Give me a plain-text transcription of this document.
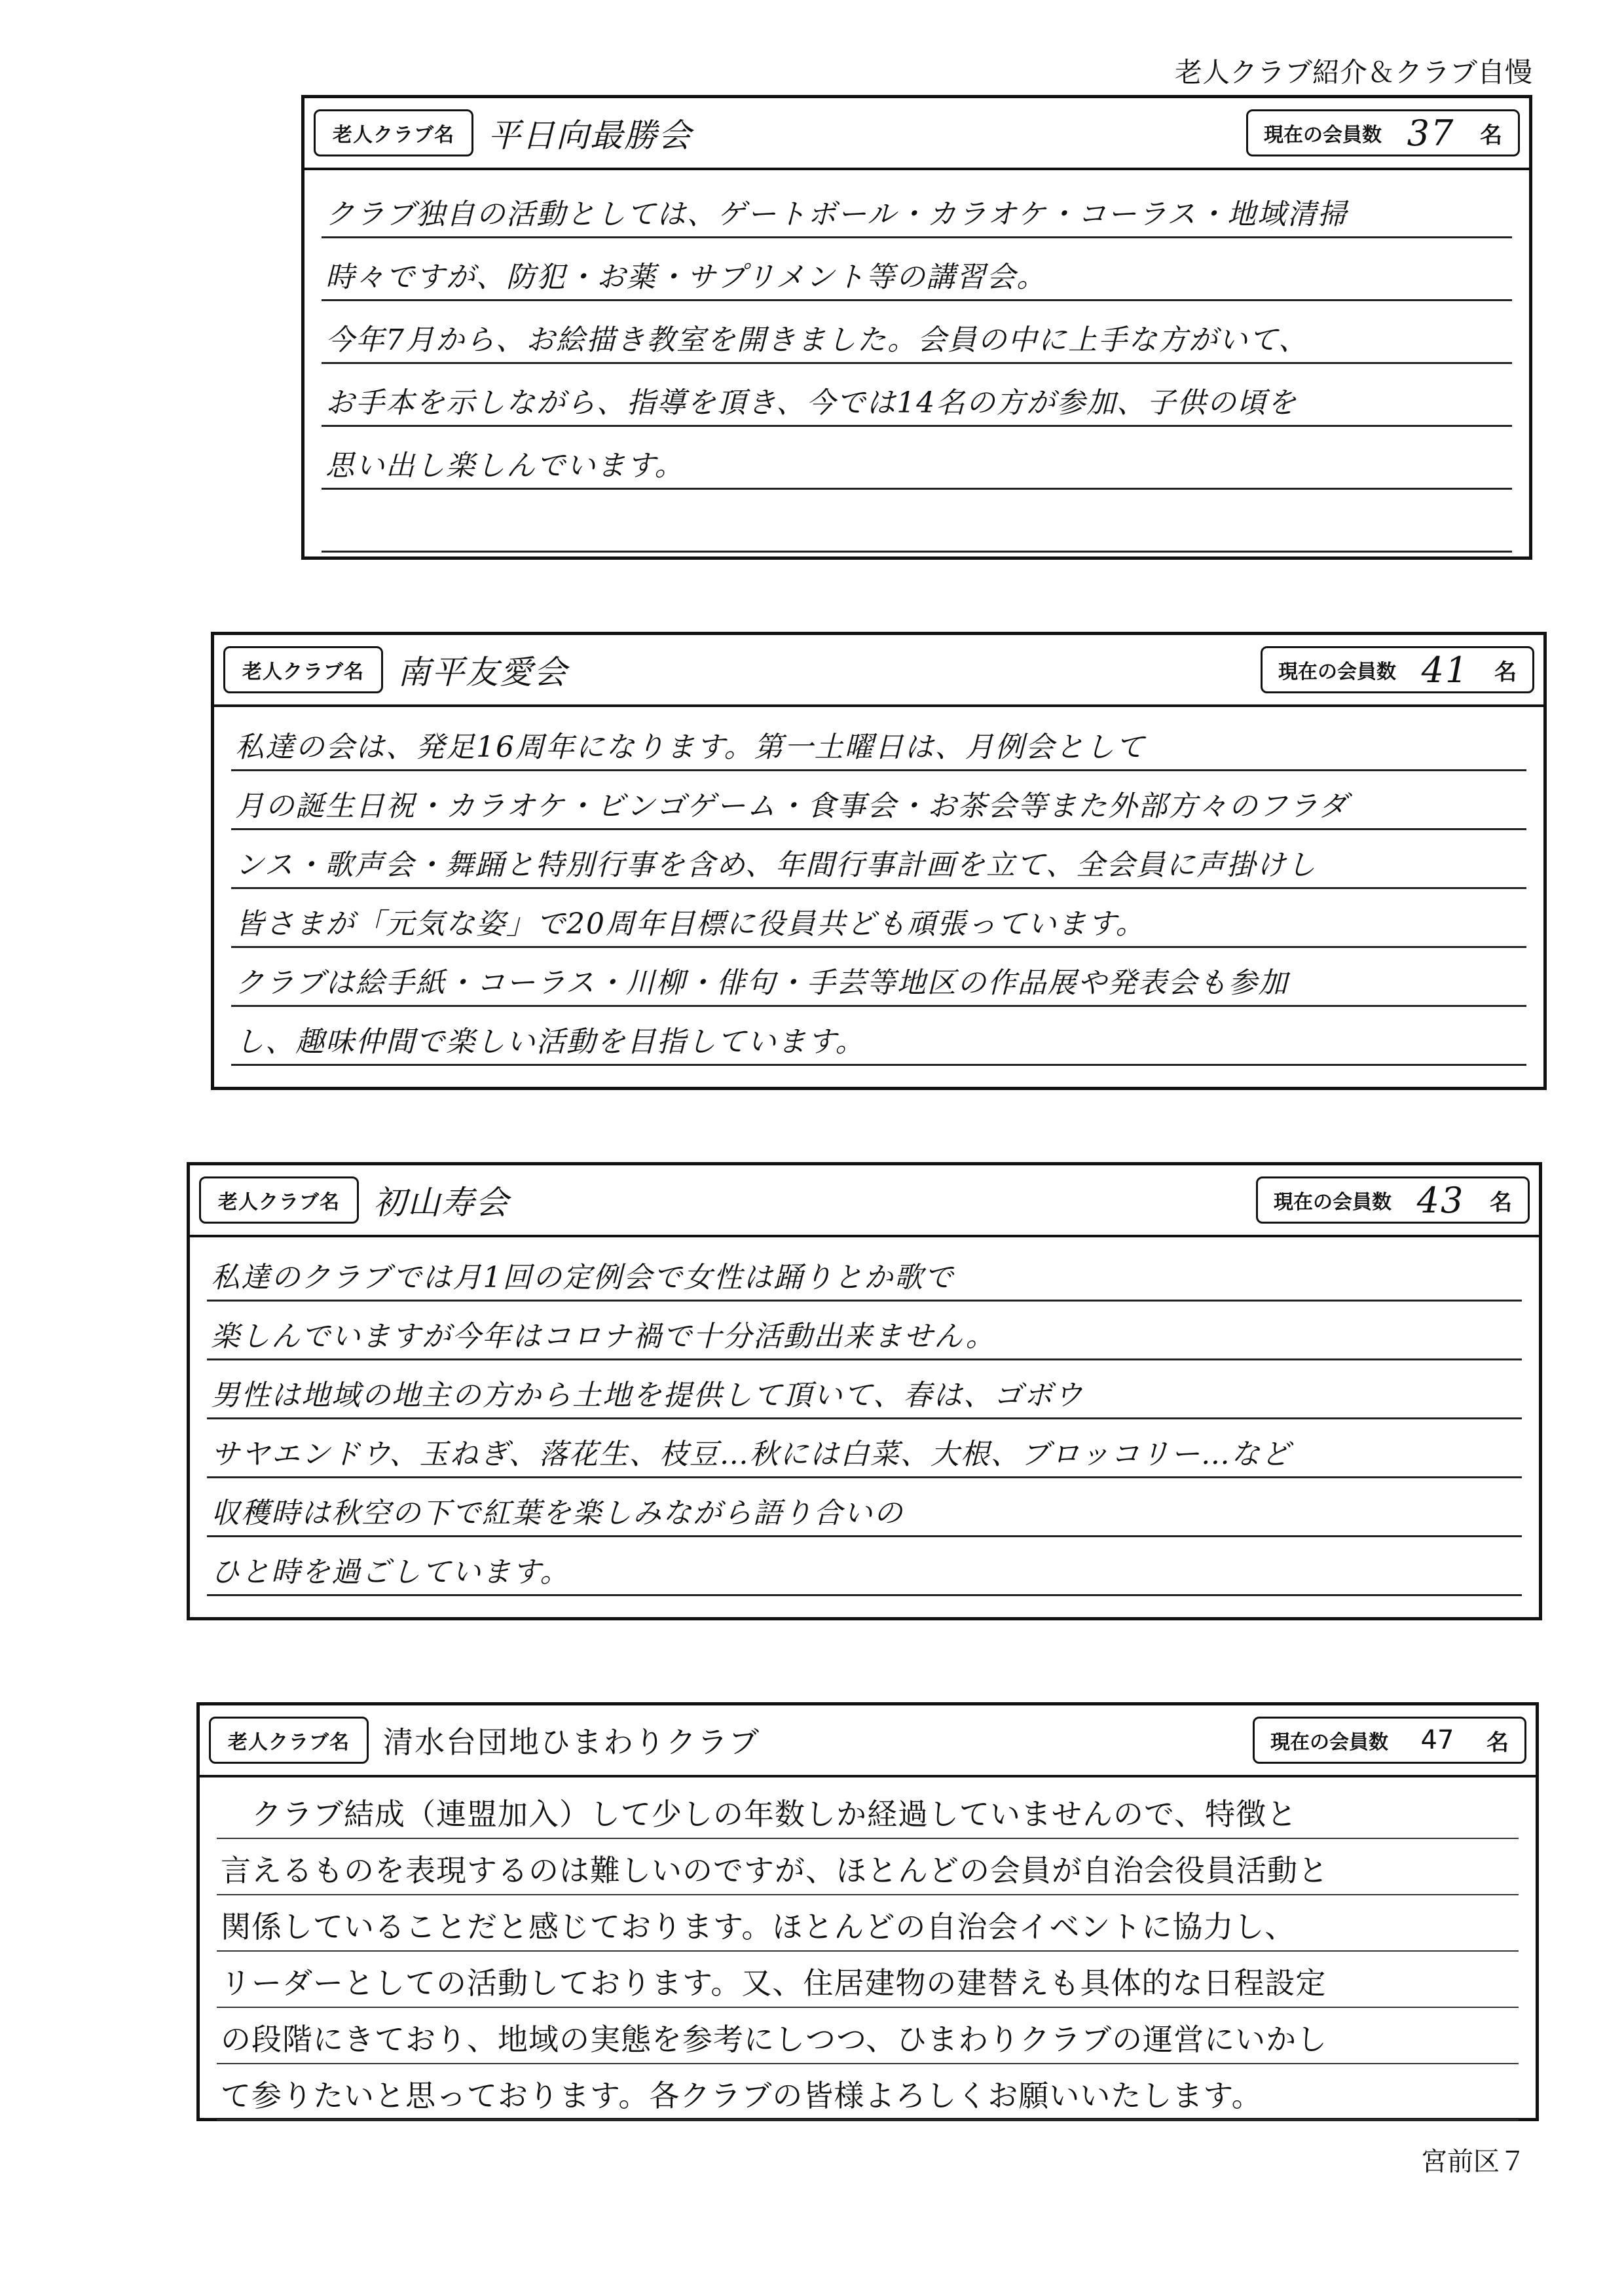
老人クラブ紹介＆クラブ自慢
老人クラブ名	平日向最勝会	現在の会員数 37	名
クラブ独自の活動としては、ゲートボール・カラオケ・コーラス・地域清掃
時々ですが、防犯・お薬・サプリメント等の講習会。
今年7月から、お絵描き教室を開きました。会員の中に上手な方がいて、
お手本を示しながら、指導を頂き、今では14名の方が参加、子供の頃を
思い出し楽しんでいます。
老人クラブ名	南平友愛会	現在の会員数 41	名
私達の会は、発足16周年になります。第一土曜日は、月例会として
月の誕生日祝・カラオケ・ビンゴゲーム・食事会・お茶会等また外部方々のフラダ
ンス・歌声会・舞踊と特別行事を含め、年間行事計画を立て、全会員に声掛けし
皆さまが「元気な姿」で20周年目標に役員共ども頑張っています。
クラブは絵手紙・コーラス・川柳・俳句・手芸等地区の作品展や発表会も参加
し、趣味仲間で楽しい活動を目指しています。
老人クラブ名	初山寿会	現在の会員数 43	名
私達のクラブでは月1回の定例会で女性は踊りとか歌で
楽しんでいますが今年はコロナ禍で十分活動出来ません。
男性は地域の地主の方から土地を提供して頂いて、春は、ゴボウ
サヤエンドウ、玉ねぎ、落花生、枝豆…秋には白菜、大根、ブロッコリー…など
収穫時は秋空の下で紅葉を楽しみながら語り合いの
ひと時を過ごしています。
老人クラブ名	清水台団地ひまわりクラブ	現在の会員数	47	名
　クラブ結成（連盟加入）して少しの年数しか経過していませんので、特徴と
言えるものを表現するのは難しいのですが、ほとんどの会員が自治会役員活動と
関係していることだと感じております。ほとんどの自治会イベントに協力し、
リーダーとしての活動しております。又、住居建物の建替えも具体的な日程設定
の段階にきており、地域の実態を参考にしつつ、ひまわりクラブの運営にいかし
て参りたいと思っております。各クラブの皆様よろしくお願いいたします。
宮前区７
